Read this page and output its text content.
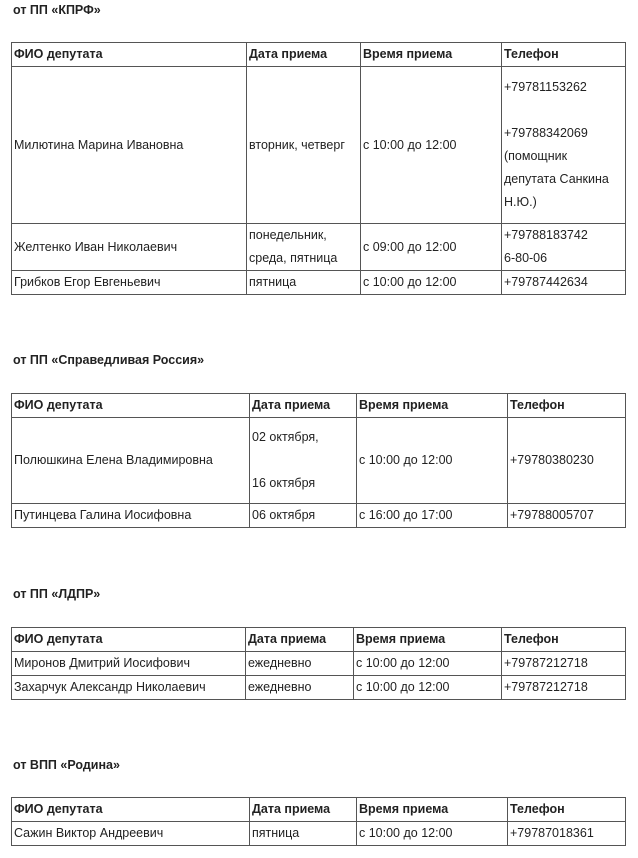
от ПП «КПРФ»
ФИО депутата	Дата приема	Время приема	Телефон
Милютина Марина Ивановна	вторник, четверг	с 10:00 до 12:00	+79781153262
+79788342069
(помощник
депутата Санкина
Н.Ю.)

Желтенко Иван Николаевич	понедельник,
среда, пятница	с 09:00 до 12:00	+79788183742
6-80-06

Грибков Егор Евгеньевич	пятница	с 10:00 до 12:00	+79787442634
от ПП «Справедливая Россия»
ФИО депутата	Дата приема	Время приема	Телефон
Полюшкина Елена Владимировна	02 октября,
16 октября	с 10:00 до 12:00	+79780380230
Путинцева Галина Иосифовна	06 октября	с 16:00 до 17:00	+79788005707
от ПП «ЛДПР»
ФИО депутата	Дата приема	Время приема	Телефон
Миронов Дмитрий Иосифович	ежедневно	с 10:00 до 12:00	+79787212718
Захарчук Александр Николаевич	ежедневно	с 10:00 до 12:00	+79787212718
от ВПП «Родина»
ФИО депутата	Дата приема	Время приема	Телефон
Сажин Виктор Андреевич	пятница	с 10:00 до 12:00	+79787018361
